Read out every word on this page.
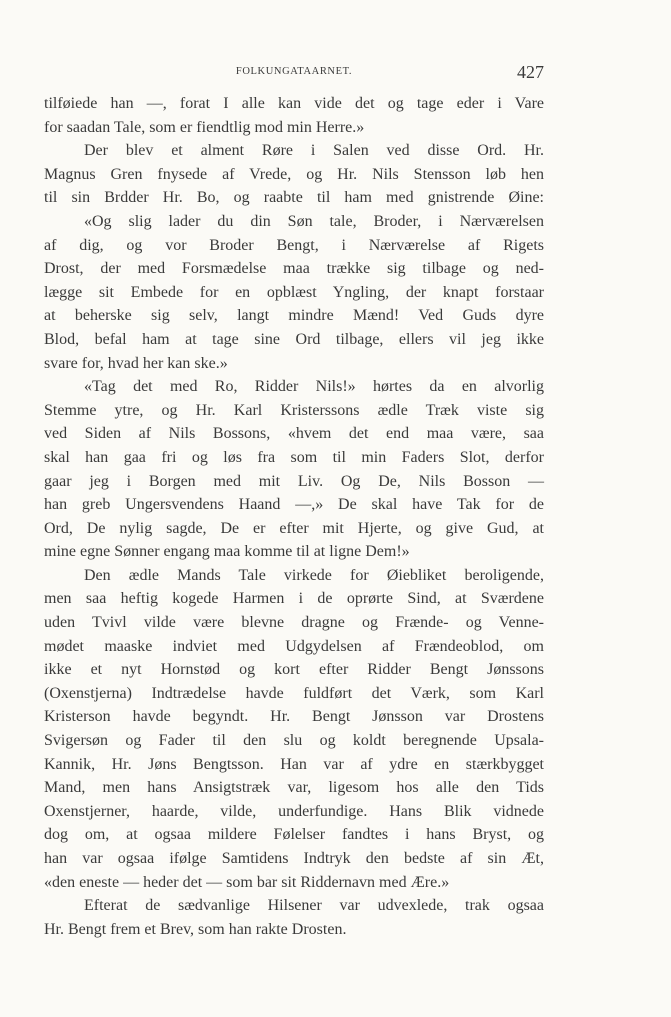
FOLKUNGATAARNET.	427
tilføiede han —, forat I alle kan vide det og tage eder i Vare
for saadan Tale, som er fiendtlig mod min Herre.»
Der blev et alment Røre i Salen ved disse Ord. Hr.
Magnus Gren fnysede af Vrede, og Hr. Nils Stensson løb hen
til sin Brdder Hr. Bo, og raabte til ham med gnistrende Øine:
«Og slig lader du din Søn tale, Broder, i Nærværelsen
af dig, og vor Broder Bengt, i Nærværelse af Rigets
Drost, der med Forsmædelse maa trække sig tilbage og ned-
lægge sit Embede for en opblæst Yngling, der knapt forstaar
at beherske sig selv, langt mindre Mænd! Ved Guds dyre
Blod, befal ham at tage sine Ord tilbage, ellers vil jeg ikke
svare for, hvad her kan ske.»
«Tag det med Ro, Ridder Nils!» hørtes da en alvorlig
Stemme ytre, og Hr. Karl Kristerssons ædle Træk viste sig
ved Siden af Nils Bossons, «hvem det end maa være, saa
skal han gaa fri og løs fra som til min Faders Slot, derfor
gaar jeg i Borgen med mit Liv. Og De, Nils Bosson —
han greb Ungersvendens Haand —,» De skal have Tak for de
Ord, De nylig sagde, De er efter mit Hjerte, og give Gud, at
mine egne Sønner engang maa komme til at ligne Dem!»
Den ædle Mands Tale virkede for Øiebliket beroligende,
men saa heftig kogede Harmen i de oprørte Sind, at Sværdene
uden Tvivl vilde være blevne dragne og Frænde- og Venne-
mødet maaske indviet med Udgydelsen af Frændeoblod, om
ikke et nyt Hornstød og kort efter Ridder Bengt Jønssons
(Oxenstjerna) Indtrædelse havde fuldført det Værk, som Karl
Kristerson havde begyndt. Hr. Bengt Jønsson var Drostens
Svigersøn og Fader til den slu og koldt beregnende Upsala-
Kannik, Hr. Jøns Bengtsson. Han var af ydre en stærkbygget
Mand, men hans Ansigtstræk var, ligesom hos alle den Tids
Oxenstjerner, haarde, vilde, underfundige. Hans Blik vidnede
dog om, at ogsaa mildere Følelser fandtes i hans Bryst, og
han var ogsaa ifølge Samtidens Indtryk den bedste af sin Æt,
«den eneste — heder det — som bar sit Riddernavn med Ære.»
Efterat de sædvanlige Hilsener var udvexlede, trak ogsaa
Hr. Bengt frem et Brev, som han rakte Drosten.
